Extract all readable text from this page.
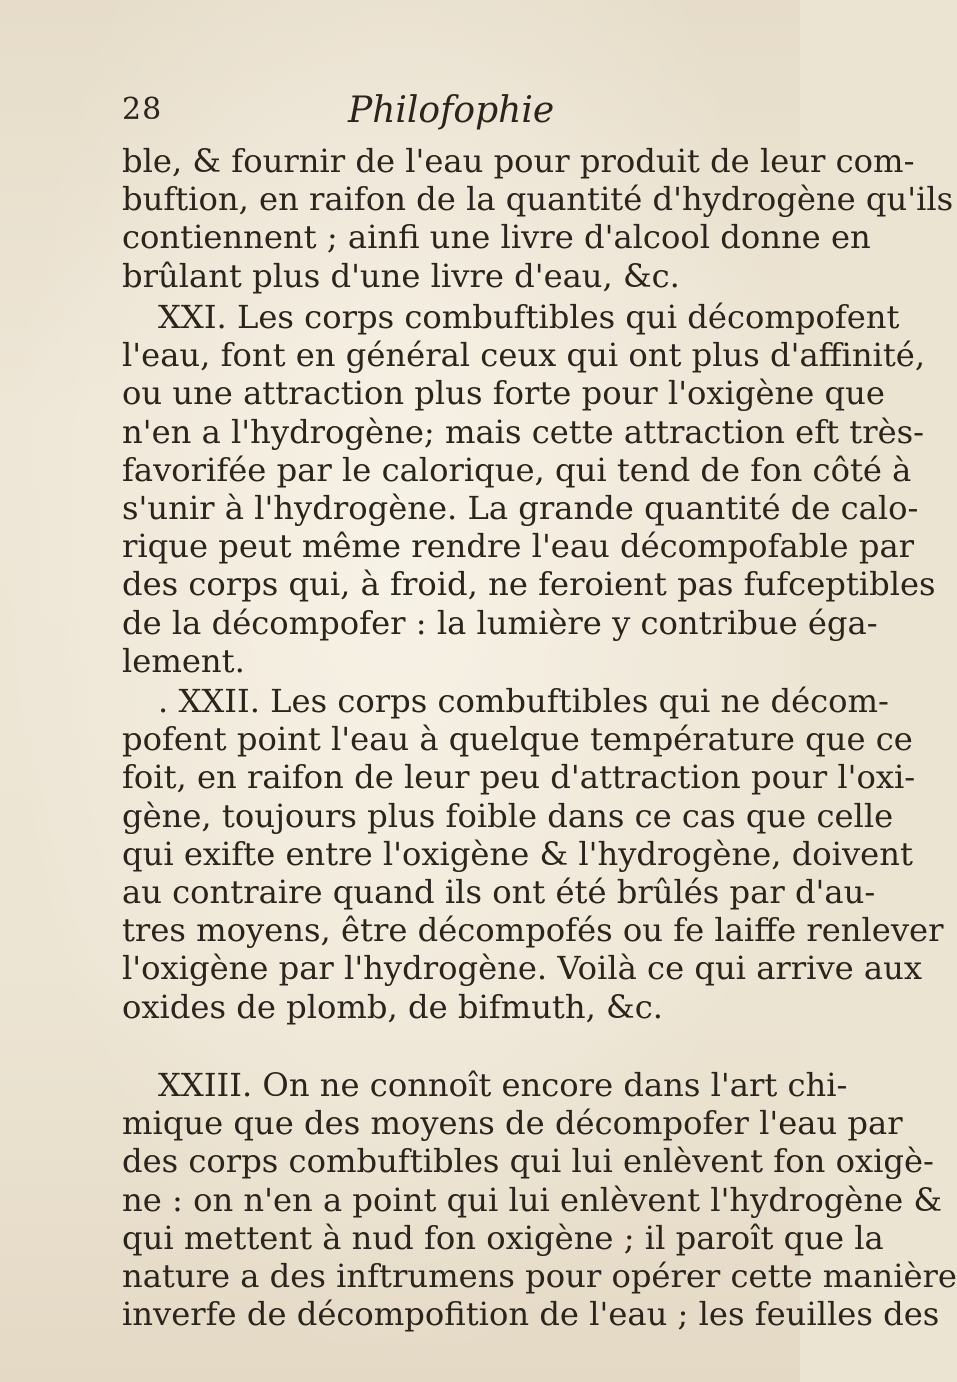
28	Philofophie
ble, & fournir de l'eau pour produit de leur com-
buftion, en raifon de la quantité d'hydrogène qu'ils
contiennent ; ainfi une livre d'alcool donne en
brûlant plus d'une livre d'eau, &c.
XXI. Les corps combuftibles qui décompofent
l'eau, font en général ceux qui ont plus d'affinité,
ou une attraction plus forte pour l'oxigène que
n'en a l'hydrogène; mais cette attraction eft très-
favorifée par le calorique, qui tend de fon côté à
s'unir à l'hydrogène. La grande quantité de calo-
rique peut même rendre l'eau décompofable par
des corps qui, à froid, ne feroient pas fufceptibles
de la décompofer : la lumière y contribue éga-
lement.
. XXII. Les corps combuftibles qui ne décom-
pofent point l'eau à quelque température que ce
foit, en raifon de leur peu d'attraction pour l'oxi-
gène, toujours plus foible dans ce cas que celle
qui exifte entre l'oxigène & l'hydrogène, doivent
au contraire quand ils ont été brûlés par d'au-
tres moyens, être décompofés ou fe laiffe renlever
l'oxigène par l'hydrogène. Voilà ce qui arrive aux
oxides de plomb, de bifmuth, &c.
XXIII. On ne connoît encore dans l'art chi-
mique que des moyens de décompofer l'eau par
des corps combuftibles qui lui enlèvent fon oxigè-
ne : on n'en a point qui lui enlèvent l'hydrogène &
qui mettent à nud fon oxigène ; il paroît que la
nature a des inftrumens pour opérer cette manière
inverfe de décompofition de l'eau ; les feuilles des
